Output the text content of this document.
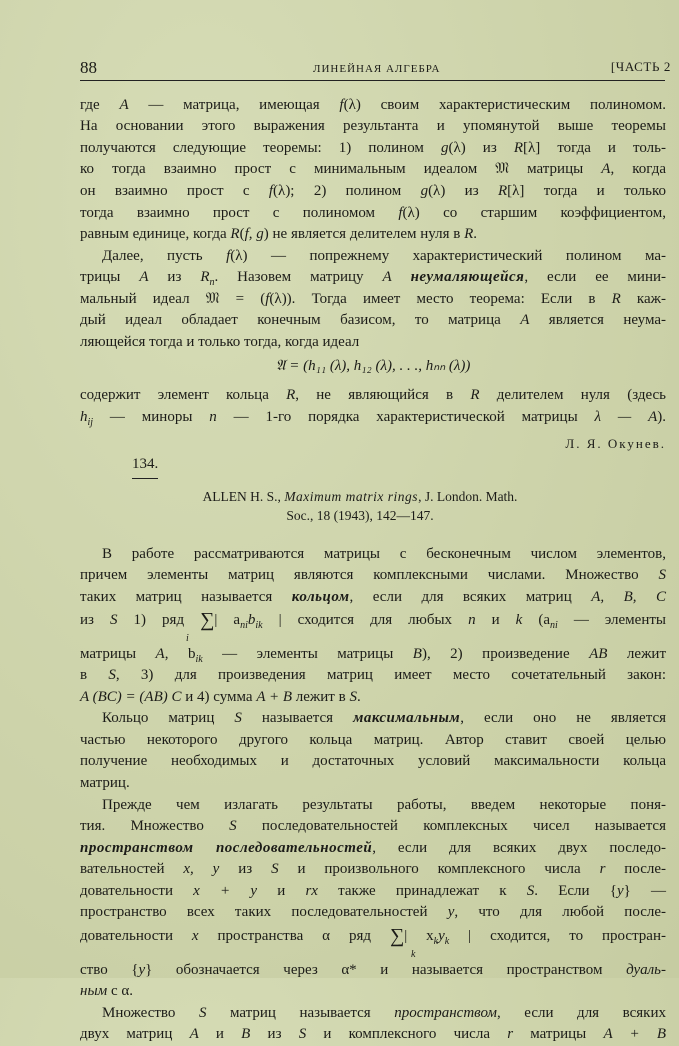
88	ЛИНЕЙНАЯ АЛГЕБРА	[ЧАСТЬ 2
где A — матрица, имеющая f(λ) своим характеристическим полиномом.
На основании этого выражения результанта и упомянутой выше теоремы
получаются следующие теоремы: 1) полином g(λ) из R[λ] тогда и толь-
ко тогда взаимно прост с минимальным идеалом 𝔐 матрицы A, когда
он взаимно прост с f(λ); 2) полином g(λ) из R[λ] тогда и только
тогда взаимно прост с полиномом f(λ) со старшим коэффициентом,
равным единице, когда R(f, g) не является делителем нуля в R.
Далее, пусть f(λ) — попрежнему характеристический полином ма-
трицы A из $R_n$. Назовем матрицу A неумаляющейся, если ее мини-
мальный идеал 𝔐 = (f(λ)). Тогда имеет место теорема: Если в R каж-
дый идеал обладает конечным базисом, то матрица A является неума-
ляющейся тогда и только тогда, когда идеал
𝔄 = (h₁₁ (λ), h₁₂ (λ), . . ., hₙₙ (λ))
содержит элемент кольца R, не являющийся в R делителем нуля (здесь
$h_{ij}$ — миноры n — 1-го порядка характеристической матрицы λ — A).
Л. Я. Окунев.
134.
ALLEN H. S., Maximum matrix rings, J. London. Math.
Soc., 18 (1943), 142—147.
В работе рассматриваются матрицы с бесконечным числом элементов,
причем элементы матриц являются комплексными числами. Множество S
таких матриц называется кольцом, если для всяких матриц A, B, C
из S 1) ряд ∑| $a_{ni}b_{ik}$ | сходится для любых n и k ($a_{ni}$ — элементы
i
матрицы A, $b_{ik}$ — элементы матрицы B), 2) произведение AB лежит
в S, 3) для произведения матриц имеет место сочетательный закон:
A (BC) = (AB) C и 4) сумма A + B лежит в S.
Кольцо матриц S называется максимальным, если оно не является
частью некоторого другого кольца матриц. Автор ставит своей целью
получение необходимых и достаточных условий максимальности кольца
матриц.
Прежде чем излагать результаты работы, введем некоторые поня-
тия. Множество S последовательностей комплексных чисел называется
пространством последовательностей, если для всяких двух последо-
вательностей x, y из S и произвольного комплексного числа r после-
довательности x + y и rx также принадлежат к S. Если {y} —
пространство всех таких последовательностей y, что для любой после-
довательности x пространства α ряд ∑| $x_ky_k$ | сходится, то простран-
k
ство {y} обозначается через α* и называется пространством дуаль-
ным с α.
Множество S матриц называется пространством, если для всяких
двух матриц A и B из S и комплексного числа r матрицы A + B
